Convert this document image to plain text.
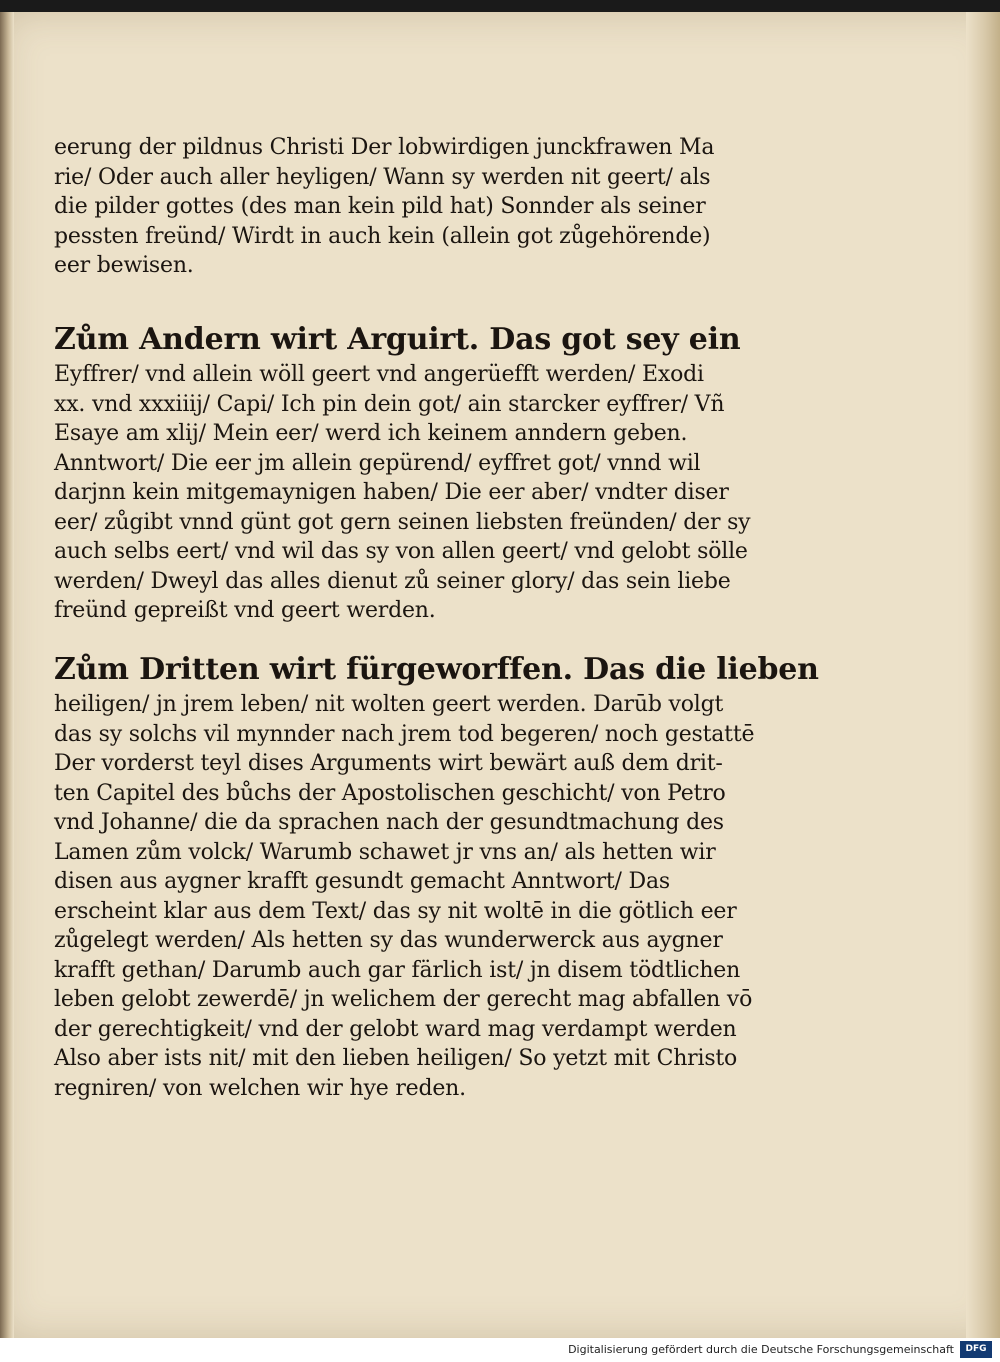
eerung der pildnus Christi Der lobwirdigen junckfrawen Ma
rie/ Oder auch aller heyligen/ Wann sy werden nit geert/ als
die pilder gottes (des man kein pild hat) Sonnder als seiner
pessten freünd/ Wirdt in auch kein (allein got zůgehörende)
eer bewisen.
Zům Andern wirt Arguirt. Das got sey ein
Eyffrer/ vnd allein wöll geert vnd angerüefft werden/ Exodi
xx. vnd xxxiiij/ Capi/ Ich pin dein got/ ain starcker eyffrer/ Vñ
Esaye am xlij/ Mein eer/ werd ich keinem anndern geben.
Anntwort/ Die eer jm allein gepürend/ eyffret got/ vnnd wil
darjnn kein mitgemaynigen haben/ Die eer aber/ vndter diser
eer/ zůgibt vnnd günt got gern seinen liebsten freünden/ der sy
auch selbs eert/ vnd wil das sy von allen geert/ vnd gelobt sölle
werden/ Dweyl das alles dienut zů seiner glory/ das sein liebe
freünd gepreißt vnd geert werden.
Zům Dritten wirt fürgeworffen. Das die lieben
heiligen/ jn jrem leben/ nit wolten geert werden. Darūb volgt
das sy solchs vil mynnder nach jrem tod begeren/ noch gestattē
Der vorderst teyl dises Arguments wirt bewärt auß dem drit-
ten Capitel des bůchs der Apostolischen geschicht/ von Petro
vnd Johanne/ die da sprachen nach der gesundtmachung des
Lamen zům volck/ Warumb schawet jr vns an/ als hetten wir
disen aus aygner krafft gesundt gemacht Anntwort/ Das
erscheint klar aus dem Text/ das sy nit woltē in die götlich eer
zůgelegt werden/ Als hetten sy das wunderwerck aus aygner
krafft gethan/ Darumb auch gar färlich ist/ jn disem tödtlichen
leben gelobt zewerdē/ jn welichem der gerecht mag abfallen vō
der gerechtigkeit/ vnd der gelobt ward mag verdampt werden
Also aber ists nit/ mit den lieben heiligen/ So yetzt mit Christo
regniren/ von welchen wir hye reden.
Digitalisierung gefördert durch die Deutsche Forschungsgemeinschaft	DFG
